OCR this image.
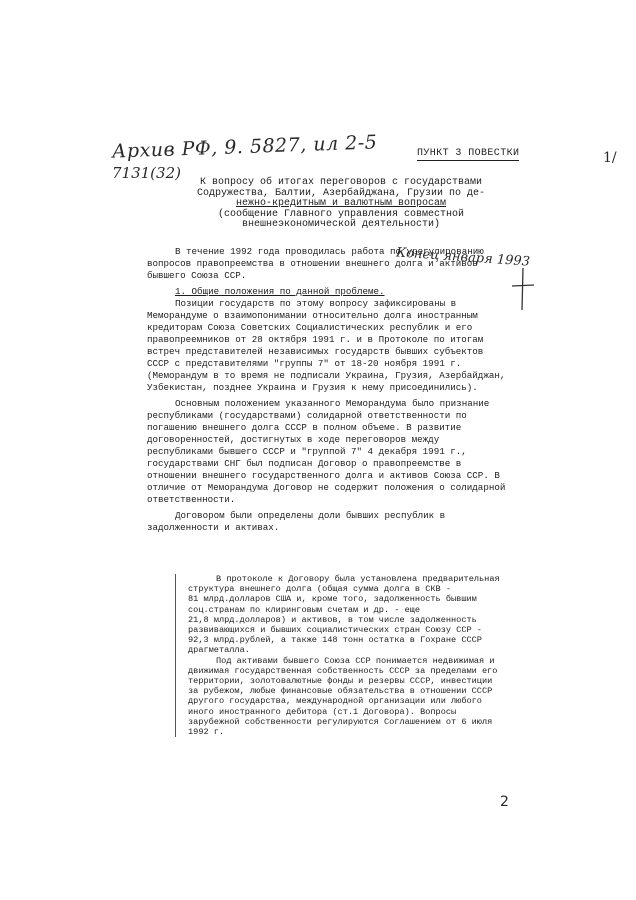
Архив РФ, 9. 5827, ил 2-5
7131(32)
1/
ПУНКТ 3 ПОВЕСТКИ
К вопросу об итогах переговоров с государствами
Содружества, Балтии, Азербайджана, Грузии по де-
нежно-кредитным и валютным вопросам
(сообщение Главного управления совместной
внешнеэкономической деятельности)
Конец января 1993

В течение 1992 года проводилась работа по урегулированию

вопросов правопреемства в отношении внешнего долга и активов

бывшего Союза ССР.

1. Общие положения по данной проблеме.

Позиции государств по этому вопросу зафиксированы в

Меморандуме о взаимопонимании относительно долга иностранным

кредиторам Союза Советских Социалистических республик и его

правопреемников от 28 октября 1991 г. и в Протоколе по итогам

встреч представителей независимых государств бывших субъектов

СССР с представителями "группы 7" от 18-20 ноября 1991 г.

(Меморандум в то время не подписали Украина, Грузия, Азербайджан,

Узбекистан, позднее Украина и Грузия к нему присоединились).

Основным положением указанного Меморандума было признание

республиками (государствами) солидарной ответственности по

погашению внешнего долга СССР в полном объеме. В развитие

договоренностей, достигнутых в ходе переговоров между

республиками бывшего СССР и "группой 7" 4 декабря 1991 г.,

государствами СНГ был подписан Договор о правопреемстве в

отношении внешнего государственного долга и активов Союза ССР. В

отличие от Меморандума Договор не содержит положения о солидарной

ответственности.

Договором были определены доли бывших республик в

задолженности и активах.

В протоколе к Договору была установлена предварительная

структура внешнего долга (общая сумма долга в СКВ -

81 млрд.долларов США и, кроме того, задолженность бывшим

соц.странам по клиринговым счетам и др. - еще

21,8 млрд.долларов) и активов, в том числе задолженность

развивающихся и бывших социалистических стран Союзу ССР -

92,3 млрд.рублей, а также 148 тонн остатка в Гохране СССР

драгметалла.

Под активами бывшего Союза ССР понимается недвижимая и

движимая государственная собственность СССР за пределами его

территории, золотовалютные фонды и резервы СССР, инвестиции

за рубежом, любые финансовые обязательства в отношении СССР

другого государства, международной организации или любого

иного иностранного дебитора (ст.1 Договора). Вопросы

зарубежной собственности регулируются Соглашением от 6 июля

1992 г.

2
